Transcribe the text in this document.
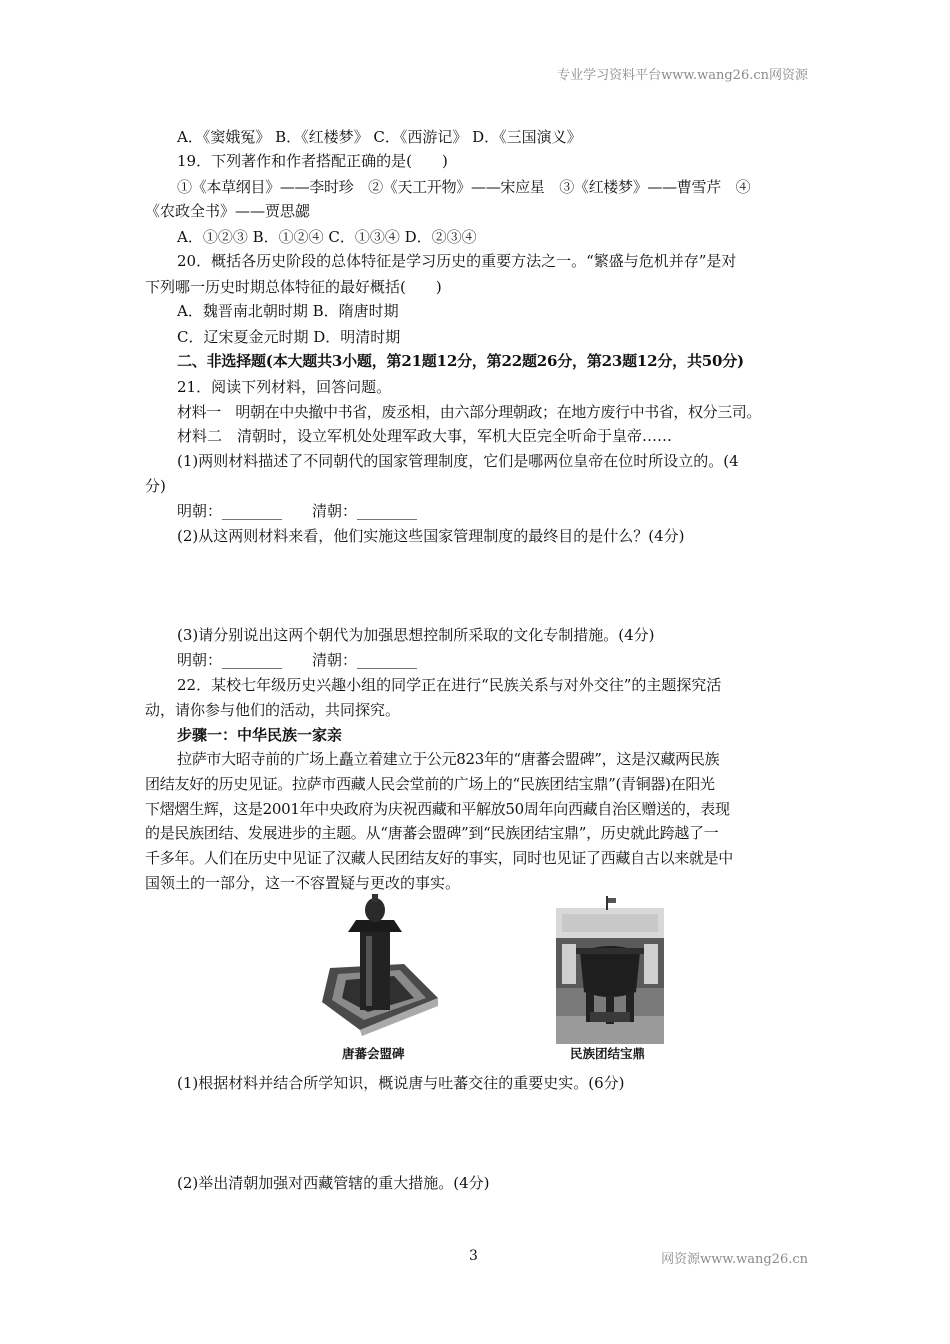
专业学习资料平台www.wang26.cn网资源
A．《窦娥冤》 B．《红楼梦》 C．《西游记》 D．《三国演义》
19．下列著作和作者搭配正确的是(　　)
①《本草纲目》——李时珍　②《天工开物》——宋应星　③《红楼梦》——曹雪芹　④
《农政全书》——贾思勰
A．①②③ B．①②④ C．①③④ D．②③④
20．概括各历史阶段的总体特征是学习历史的重要方法之一。“繁盛与危机并存”是对
下列哪一历史时期总体特征的最好概括(　　)
A．魏晋南北朝时期 B．隋唐时期
C．辽宋夏金元时期 D．明清时期
二、非选择题(本大题共3小题，第21题12分，第22题26分，第23题12分，共50分)
21．阅读下列材料，回答问题。
材料一　明朝在中央撤中书省，废丞相，由六部分理朝政；在地方废行中书省，权分三司。
材料二　清朝时，设立军机处处理军政大事，军机大臣完全听命于皇帝……
(1)两则材料描述了不同朝代的国家管理制度，它们是哪两位皇帝在位时所设立的。(4
分)
明朝：________　　清朝：________
(2)从这两则材料来看，他们实施这些国家管理制度的最终目的是什么？(4分)
(3)请分别说出这两个朝代为加强思想控制所采取的文化专制措施。(4分)
明朝：________　　清朝：________
22．某校七年级历史兴趣小组的同学正在进行“民族关系与对外交往”的主题探究活
动，请你参与他们的活动，共同探究。
步骤一：中华民族一家亲
拉萨市大昭寺前的广场上矗立着建立于公元823年的“唐蕃会盟碑”，这是汉藏两民族
团结友好的历史见证。拉萨市西藏人民会堂前的广场上的“民族团结宝鼎”(青铜器)在阳光
下熠熠生辉，这是2001年中央政府为庆祝西藏和平解放50周年向西藏自治区赠送的，表现
的是民族团结、发展进步的主题。从“唐蕃会盟碑”到“民族团结宝鼎”，历史就此跨越了一
千多年。人们在历史中见证了汉藏人民团结友好的事实，同时也见证了西藏自古以来就是中
国领土的一部分，这一不容置疑与更改的事实。
唐蕃会盟碑	民族团结宝鼎
(1)根据材料并结合所学知识，概说唐与吐蕃交往的重要史实。(6分)
(2)举出清朝加强对西藏管辖的重大措施。(4分)
3	网资源www.wang26.cn
